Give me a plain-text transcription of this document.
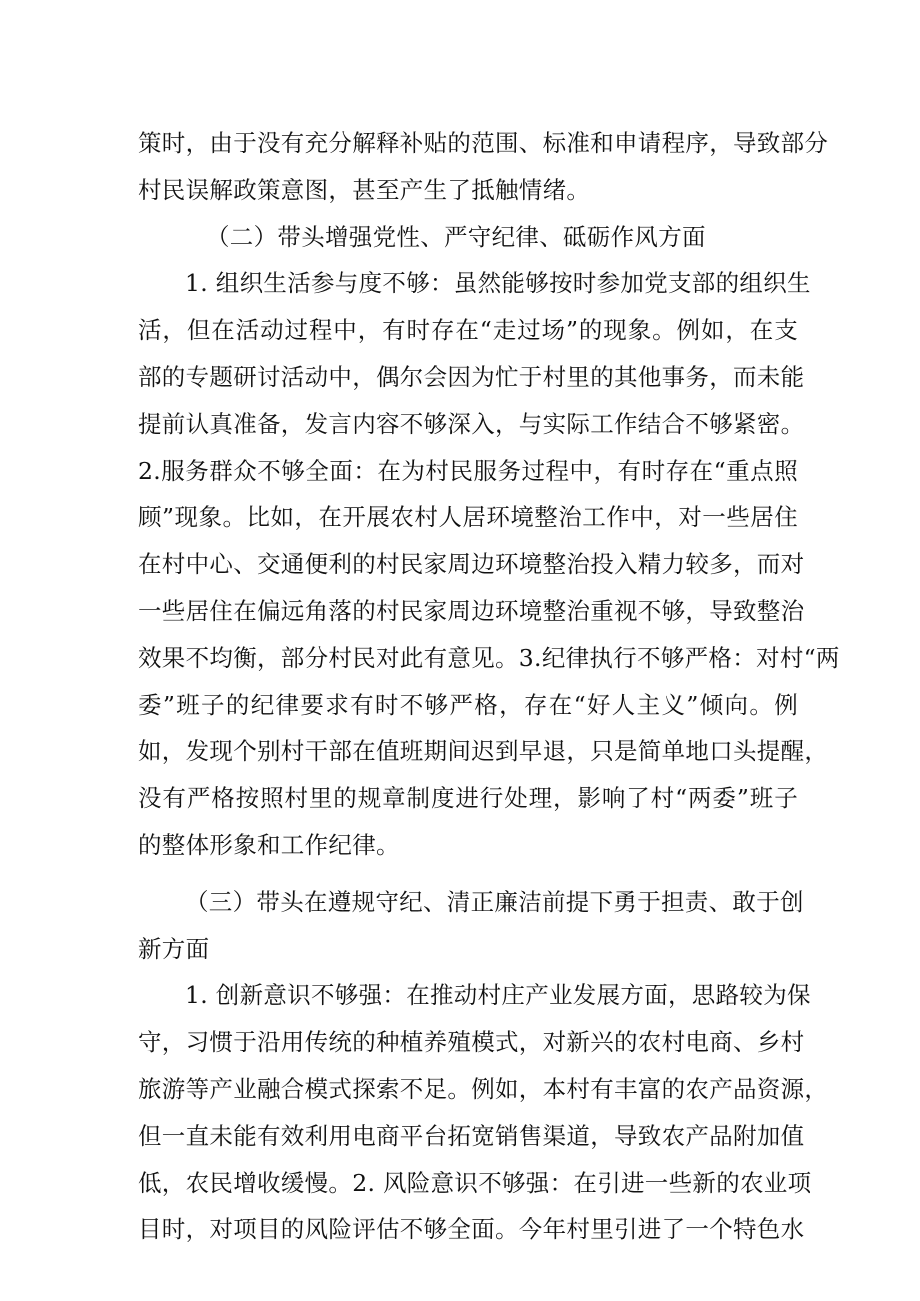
策时，由于没有充分解释补贴的范围、标准和申请程序，导致部分
村民误解政策意图，甚至产生了抵触情绪。
（二）带头增强党性、严守纪律、砥砺作风方面
1. 组织生活参与度不够：虽然能够按时参加党支部的组织生
活，但在活动过程中，有时存在“走过场”的现象。例如，在支
部的专题研讨活动中，偶尔会因为忙于村里的其他事务，而未能
提前认真准备，发言内容不够深入，与实际工作结合不够紧密。
2.服务群众不够全面：在为村民服务过程中，有时存在“重点照
顾”现象。比如，在开展农村人居环境整治工作中，对一些居住
在村中心、交通便利的村民家周边环境整治投入精力较多，而对
一些居住在偏远角落的村民家周边环境整治重视不够，导致整治
效果不均衡，部分村民对此有意见。3.纪律执行不够严格：对村“两
委”班子的纪律要求有时不够严格，存在“好人主义”倾向。例
如，发现个别村干部在值班期间迟到早退，只是简单地口头提醒，
没有严格按照村里的规章制度进行处理，影响了村“两委”班子
的整体形象和工作纪律。
（三）带头在遵规守纪、清正廉洁前提下勇于担责、敢于创
新方面
1. 创新意识不够强：在推动村庄产业发展方面，思路较为保
守，习惯于沿用传统的种植养殖模式，对新兴的农村电商、乡村
旅游等产业融合模式探索不足。例如，本村有丰富的农产品资源，
但一直未能有效利用电商平台拓宽销售渠道，导致农产品附加值
低，农民增收缓慢。2. 风险意识不够强：在引进一些新的农业项
目时，对项目的风险评估不够全面。今年村里引进了一个特色水
